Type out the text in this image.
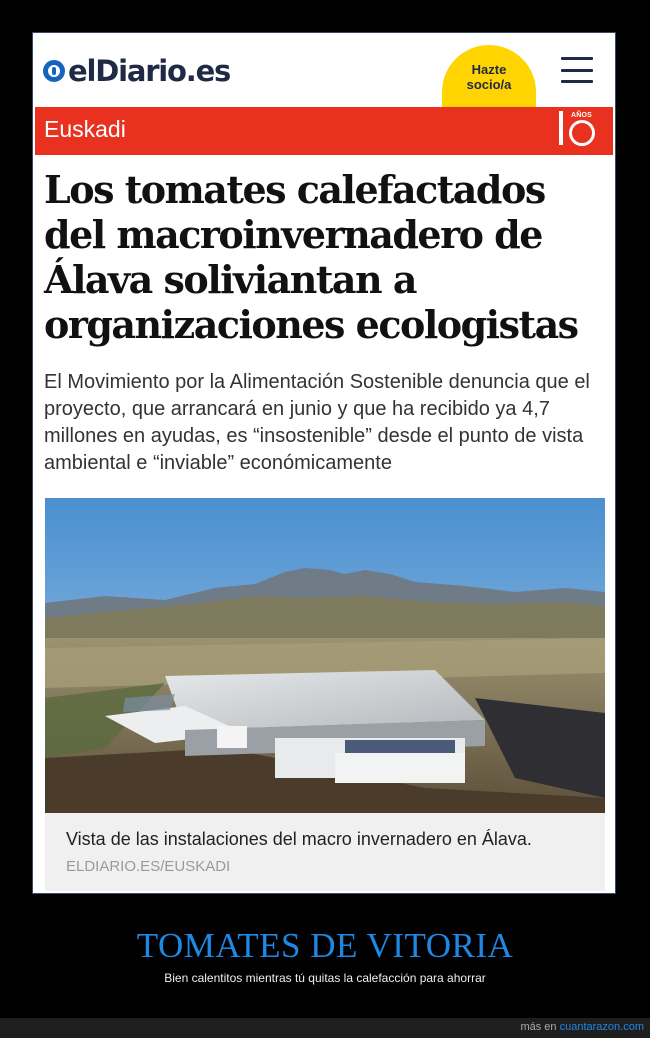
elDiario.es	Hazte
socio/a
Euskadi
AÑOS
Los tomates calefactados del macroinvernadero de Álava soliviantan a organizaciones ecologistas

El Movimiento por la Alimentación Sostenible denuncia que el proyecto, que arrancará en junio y que ha recibido ya 4,7 millones en ayudas, es “insostenible” desde el punto de vista ambiental e “inviable” económicamente

Vista de las instalaciones del macro invernadero en Álava.
ELDIARIO.ES/EUSKADI
TOMATES DE VITORIA
Bien calentitos mientras tú quitas la calefacción para ahorrar
más en cuantarazon.com
